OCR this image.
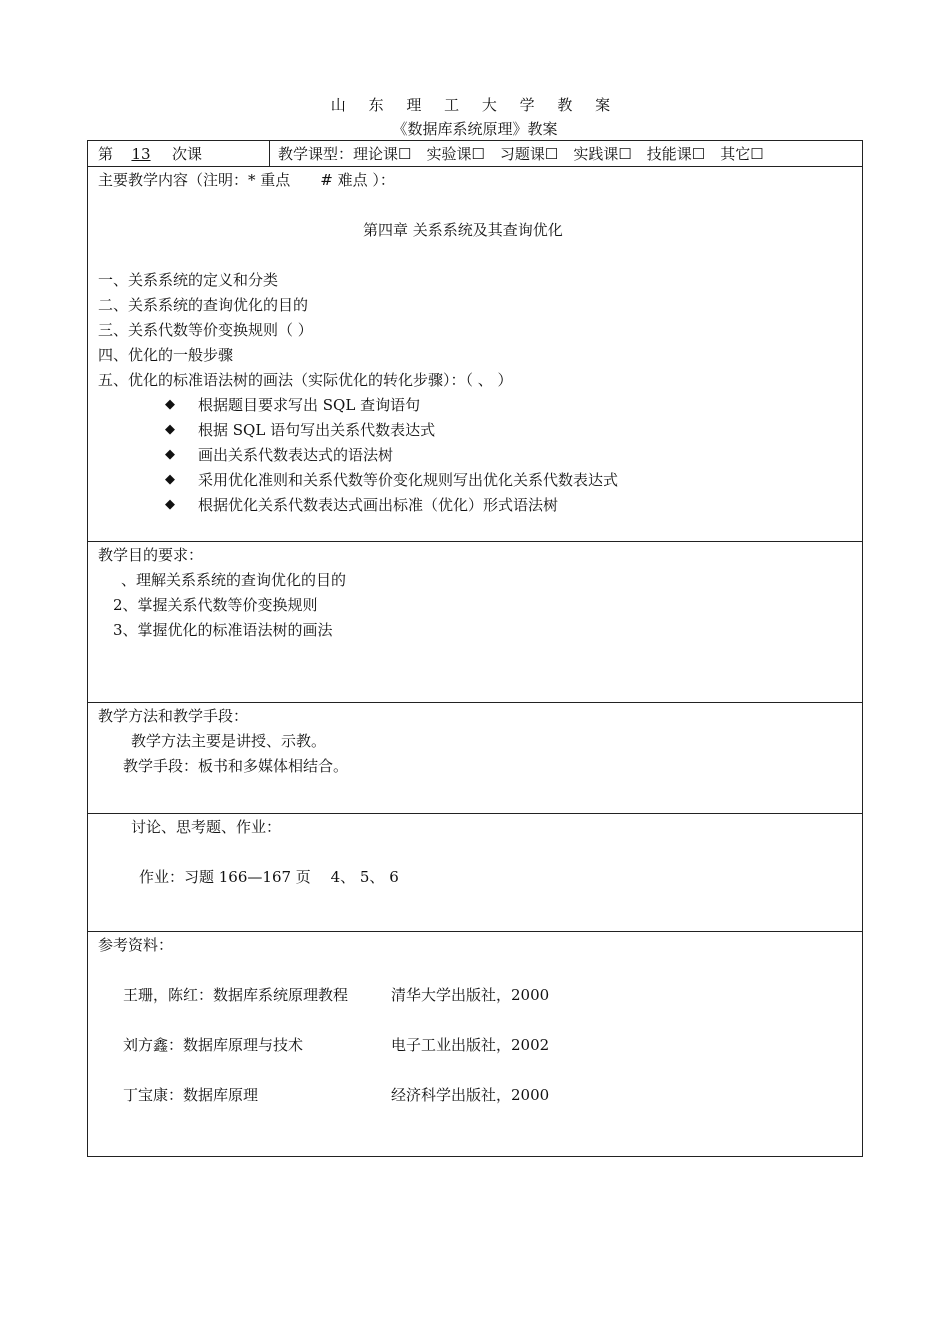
山 东 理 工 大 学 教 案
《数据库系统原理》教案
第	13	次课	教学课型：理论课☐　实验课☐　习题课☐　实践课☐　技能课☐　其它☐
主要教学内容（注明：* 重点　　# 难点 ）：
第四章 关系系统及其查询优化
一、关系系统的定义和分类
二、关系系统的查询优化的目的
三、关系代数等价变换规则（ ）
四、优化的一般步骤
五、优化的标准语法树的画法（实际优化的转化步骤）：（ 、 ）
◆ 根据题目要求写出 SQL 查询语句
◆ 根据 SQL 语句写出关系代数表达式
◆ 画出关系代数表达式的语法树
◆ 采用优化准则和关系代数等价变化规则写出优化关系代数表达式
◆ 根据优化关系代数表达式画出标准（优化）形式语法树
教学目的要求：
、理解关系系统的查询优化的目的
2、掌握关系代数等价变换规则
3、掌握优化的标准语法树的画法
教学方法和教学手段：
教学方法主要是讲授、示教。
教学手段：板书和多媒体相结合。
讨论、思考题、作业：
作业：习题 166—167 页　 4、 5、 6
参考资料：
王珊，陈红：数据库系统原理教程	清华大学出版社，2000
刘方鑫：数据库原理与技术	电子工业出版社，2002
丁宝康：数据库原理	经济科学出版社，2000
